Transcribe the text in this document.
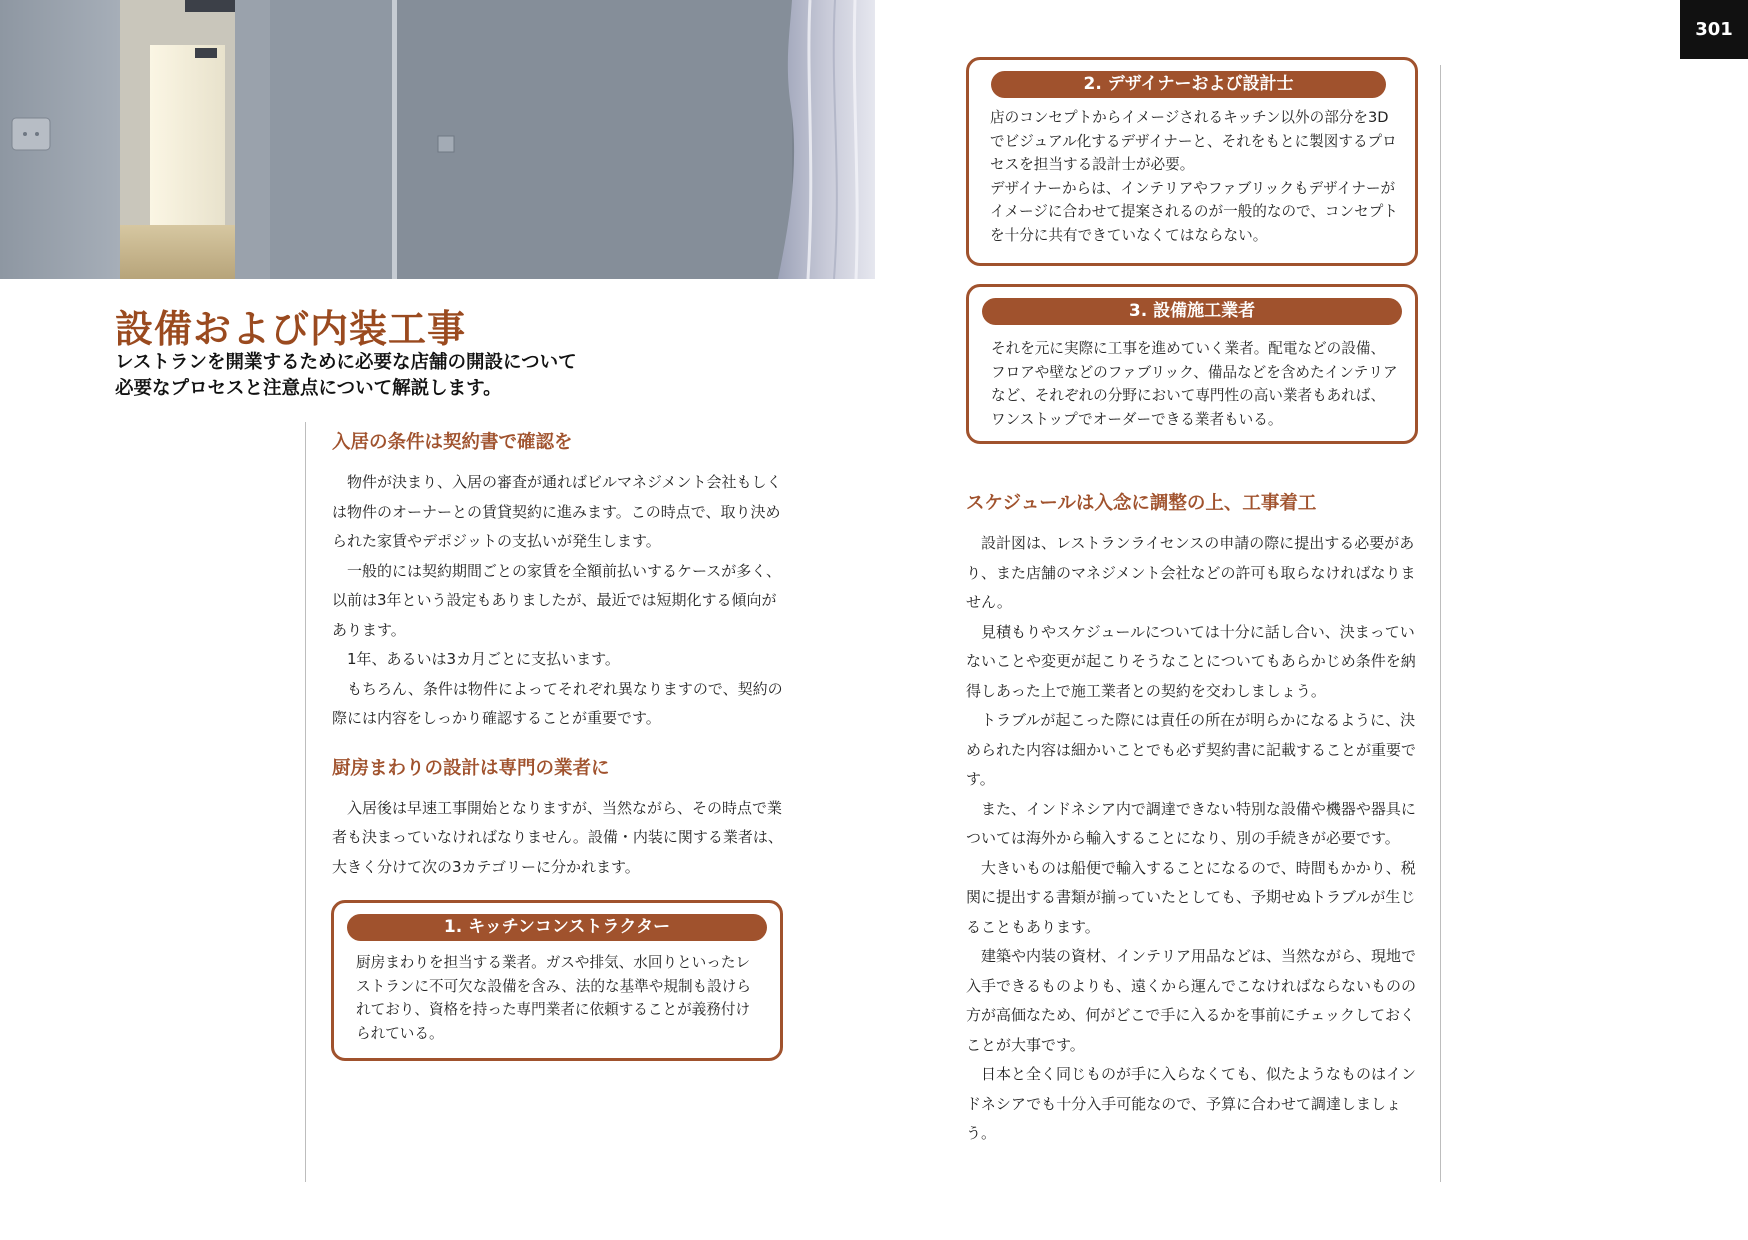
301
設備および内装工事
レストランを開業するために必要な店舗の開設について
必要なプロセスと注意点について解説します。
入居の条件は契約書で確認を

物件が決まり、入居の審査が通ればビルマネジメント会社もしくは物件のオーナーとの賃貸契約に進みます。この時点で、取り決められた家賃やデポジットの支払いが発生します。

一般的には契約期間ごとの家賃を全額前払いするケースが多く、以前は3年という設定もありましたが、最近では短期化する傾向があります。

1年、あるいは3カ月ごとに支払います。

もちろん、条件は物件によってそれぞれ異なりますので、契約の際には内容をしっかり確認することが重要です。

厨房まわりの設計は専門の業者に

入居後は早速工事開始となりますが、当然ながら、その時点で業者も決まっていなければなりません。設備・内装に関する業者は、大きく分けて次の3カテゴリーに分かれます。

1. キッチンコンストラクター

厨房まわりを担当する業者。ガスや排気、水回りといったレストランに不可欠な設備を含み、法的な基準や規制も設けられており、資格を持った専門業者に依頼することが義務付けられている。

2. デザイナーおよび設計士

店のコンセプトからイメージされるキッチン以外の部分を3Dでビジュアル化するデザイナーと、それをもとに製図するプロセスを担当する設計士が必要。

デザイナーからは、インテリアやファブリックもデザイナーがイメージに合わせて提案されるのが一般的なので、コンセプトを十分に共有できていなくてはならない。

3. 設備施工業者

それを元に実際に工事を進めていく業者。配電などの設備、フロアや壁などのファブリック、備品などを含めたインテリアなど、それぞれの分野において専門性の高い業者もあれば、ワンストップでオーダーできる業者もいる。

スケジュールは入念に調整の上、工事着工

設計図は、レストランライセンスの申請の際に提出する必要があり、また店舗のマネジメント会社などの許可も取らなければなりません。

見積もりやスケジュールについては十分に話し合い、決まっていないことや変更が起こりそうなことについてもあらかじめ条件を納得しあった上で施工業者との契約を交わしましょう。

トラブルが起こった際には責任の所在が明らかになるように、決められた内容は細かいことでも必ず契約書に記載することが重要です。

また、インドネシア内で調達できない特別な設備や機器や器具については海外から輸入することになり、別の手続きが必要です。

大きいものは船便で輸入することになるので、時間もかかり、税関に提出する書類が揃っていたとしても、予期せぬトラブルが生じることもあります。

建築や内装の資材、インテリア用品などは、当然ながら、現地で入手できるものよりも、遠くから運んでこなければならないものの方が高価なため、何がどこで手に入るかを事前にチェックしておくことが大事です。

日本と全く同じものが手に入らなくても、似たようなものはインドネシアでも十分入手可能なので、予算に合わせて調達しましょう。
